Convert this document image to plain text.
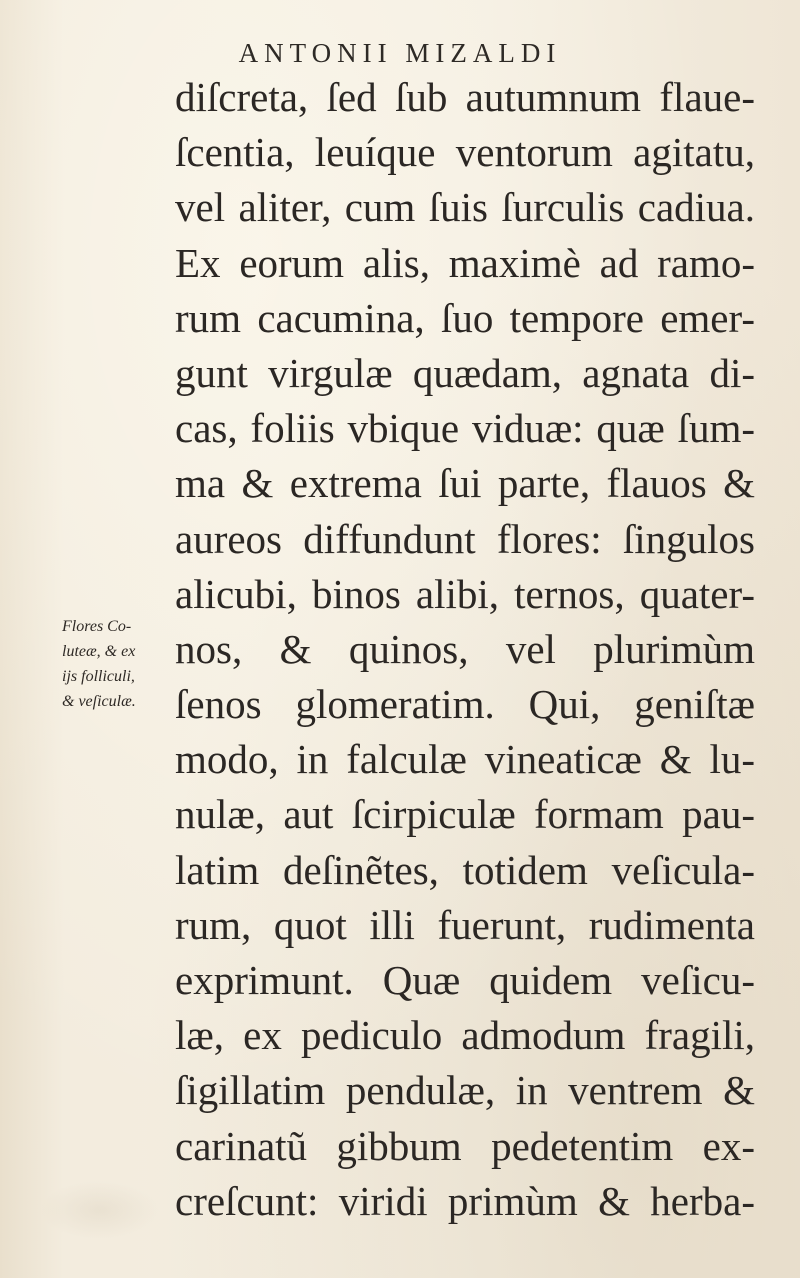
ANTONII MIZALDI
diſcreta, ſed ſub autumnum flaue-
ſcentia, leuíque ventorum agitatu,
vel aliter, cum ſuis ſurculis cadiua.
Ex eorum alis, maximè ad ramo-
rum cacumina, ſuo tempore emer-
gunt virgulæ quædam, agnata di-
cas, foliis vbique viduæ: quæ ſum-
ma & extrema ſui parte, flauos &
aureos diffundunt flores: ſingulos
alicubi, binos alibi, ternos, quater-
nos, & quinos, vel plurimùm
ſenos glomeratim. Qui, geniſtæ
modo, in falculæ vineaticæ & lu-
nulæ, aut ſcirpiculæ formam pau-
latim deſinẽtes, totidem veſicula-
rum, quot illi fuerunt, rudimenta
exprimunt. Quæ quidem veſicu-
læ, ex pediculo admodum fragili,
ſigillatim pendulæ, in ventrem &
carinatũ gibbum pedetentim ex-
creſcunt: viridi primùm & herba-
Flores Co-
luteæ, & ex
ijs folliculi,
& veſiculæ.
